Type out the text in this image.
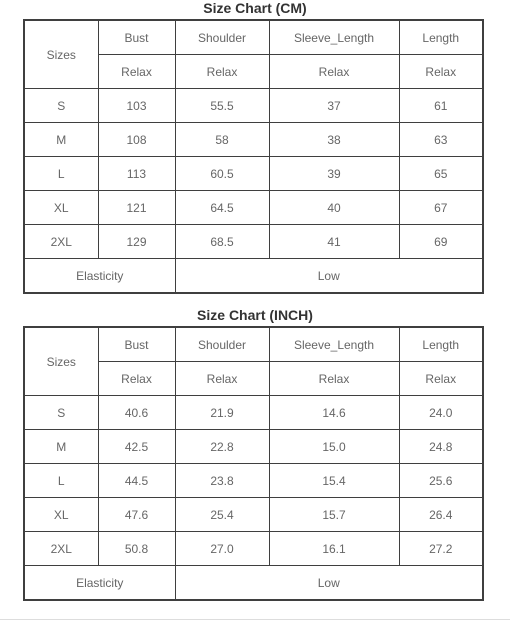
Size Chart (CM)
Sizes	Bust	Shoulder	Sleeve_Length	Length
	Relax	Relax	Relax	Relax
S	103	55.5	37	61
M	108	58	38	63
L	113	60.5	39	65
XL	121	64.5	40	67
2XL	129	68.5	41	69
Elasticity		Low		
Size Chart (INCH)
Sizes	Bust	Shoulder	Sleeve_Length	Length
	Relax	Relax	Relax	Relax
S	40.6	21.9	14.6	24.0
M	42.5	22.8	15.0	24.8
L	44.5	23.8	15.4	25.6
XL	47.6	25.4	15.7	26.4
2XL	50.8	27.0	16.1	27.2
Elasticity		Low		
